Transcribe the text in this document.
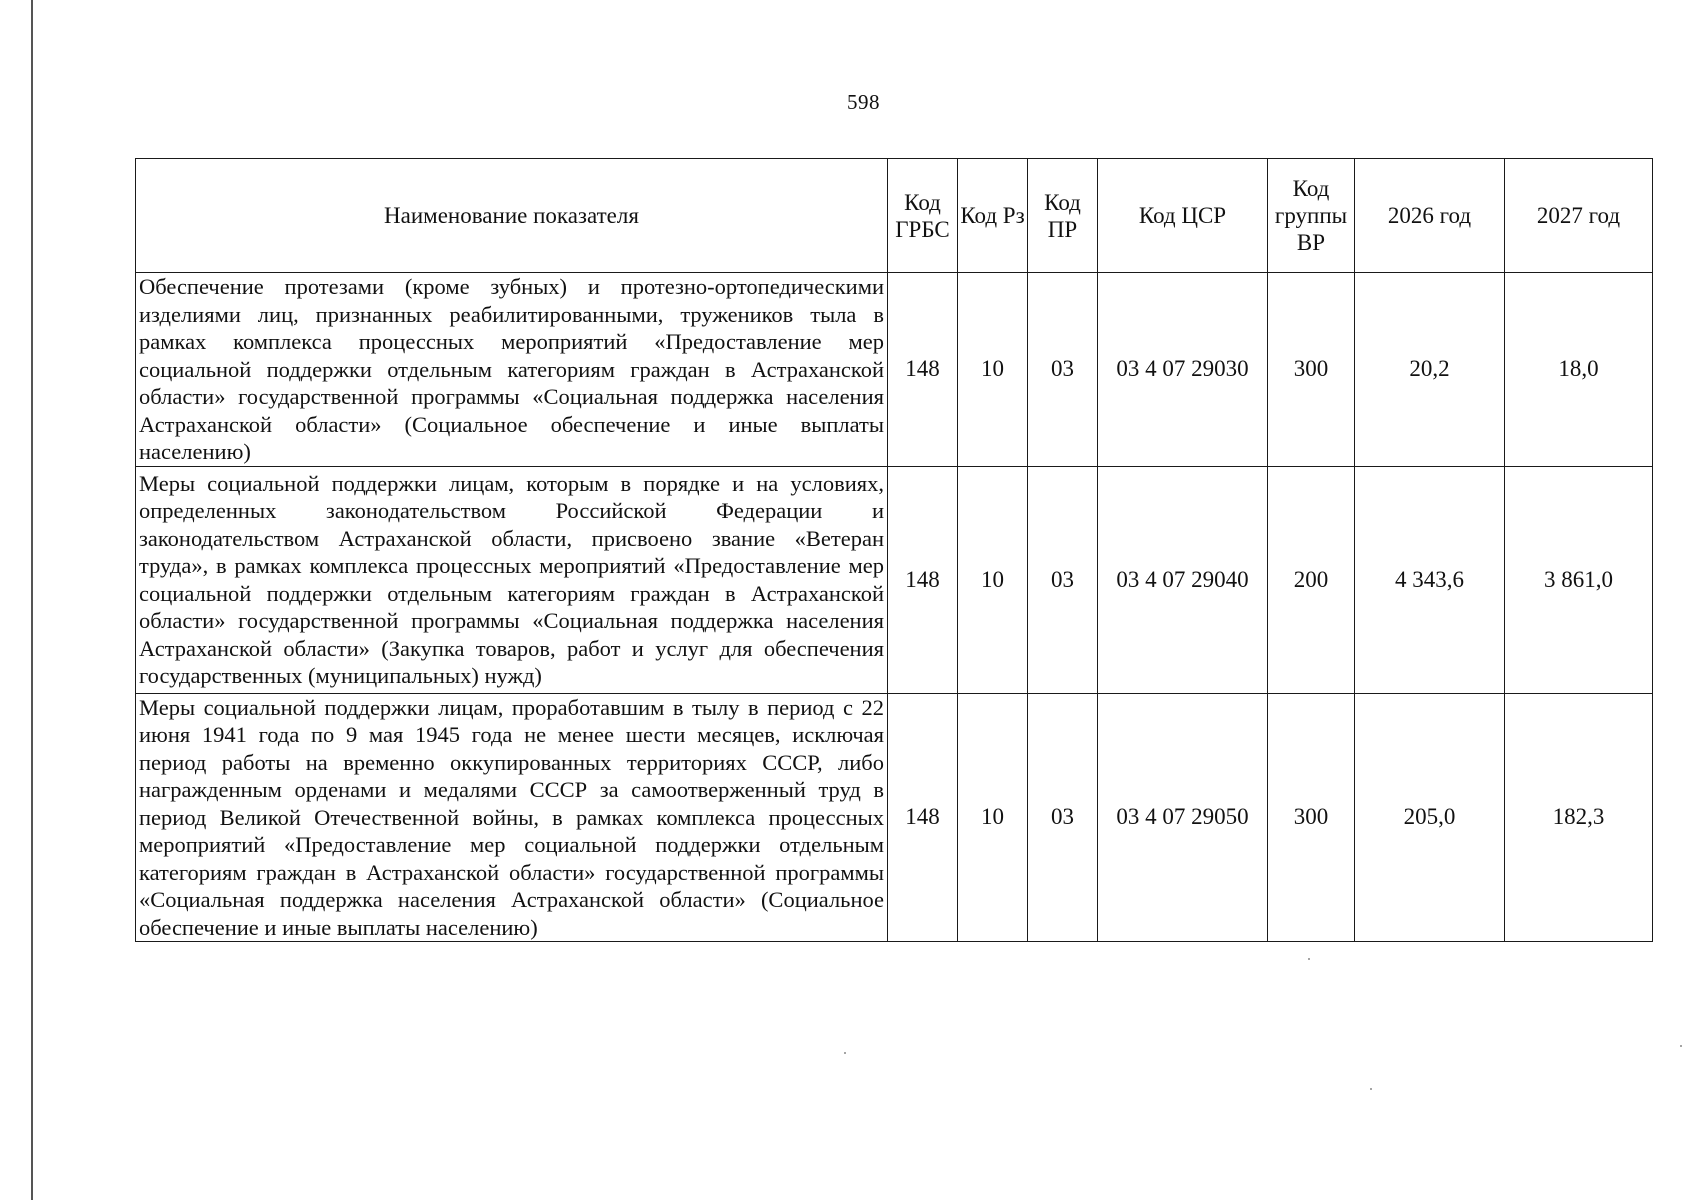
598
Наименование показателя	Код ГРБС	Код Рз	Код ПР	Код ЦСР	Код группы ВР	2026 год	2027 год
Обеспечение протезами (кроме зубных) и протезно-ортопедическими изделиями лиц, признанных реабилитированными, тружеников тыла в рамках комплекса процессных мероприятий «Предоставление мер социальной поддержки отдельным категориям граждан в Астраханской области» государственной программы «Социальная поддержка населения Астраханской области» (Социальное обеспечение и иные выплаты населению)	148	10	03	03 4 07 29030	300	20,2	18,0
Меры социальной поддержки лицам, которым в порядке и на условиях, определенных законодательством Российской Федерации и законодательством Астраханской области, присвоено звание «Ветеран труда», в рамках комплекса процессных мероприятий «Предоставление мер социальной поддержки отдельным категориям граждан в Астраханской области» государственной программы «Социальная поддержка населения Астраханской области» (Закупка товаров, работ и услуг для обеспечения государственных (муниципальных) нужд)	148	10	03	03 4 07 29040	200	4 343,6	3 861,0
Меры социальной поддержки лицам, проработавшим в тылу в период с 22 июня 1941 года по 9 мая 1945 года не менее шести месяцев, исключая период работы на временно оккупированных территориях СССР, либо награжденным орденами и медалями СССР за самоотверженный труд в период Великой Отечественной войны, в рамках комплекса процессных мероприятий «Предоставление мер социальной поддержки отдельным категориям граждан в Астраханской области» государственной программы «Социальная поддержка населения Астраханской области» (Социальное обеспечение и иные выплаты населению)	148	10	03	03 4 07 29050	300	205,0	182,3
